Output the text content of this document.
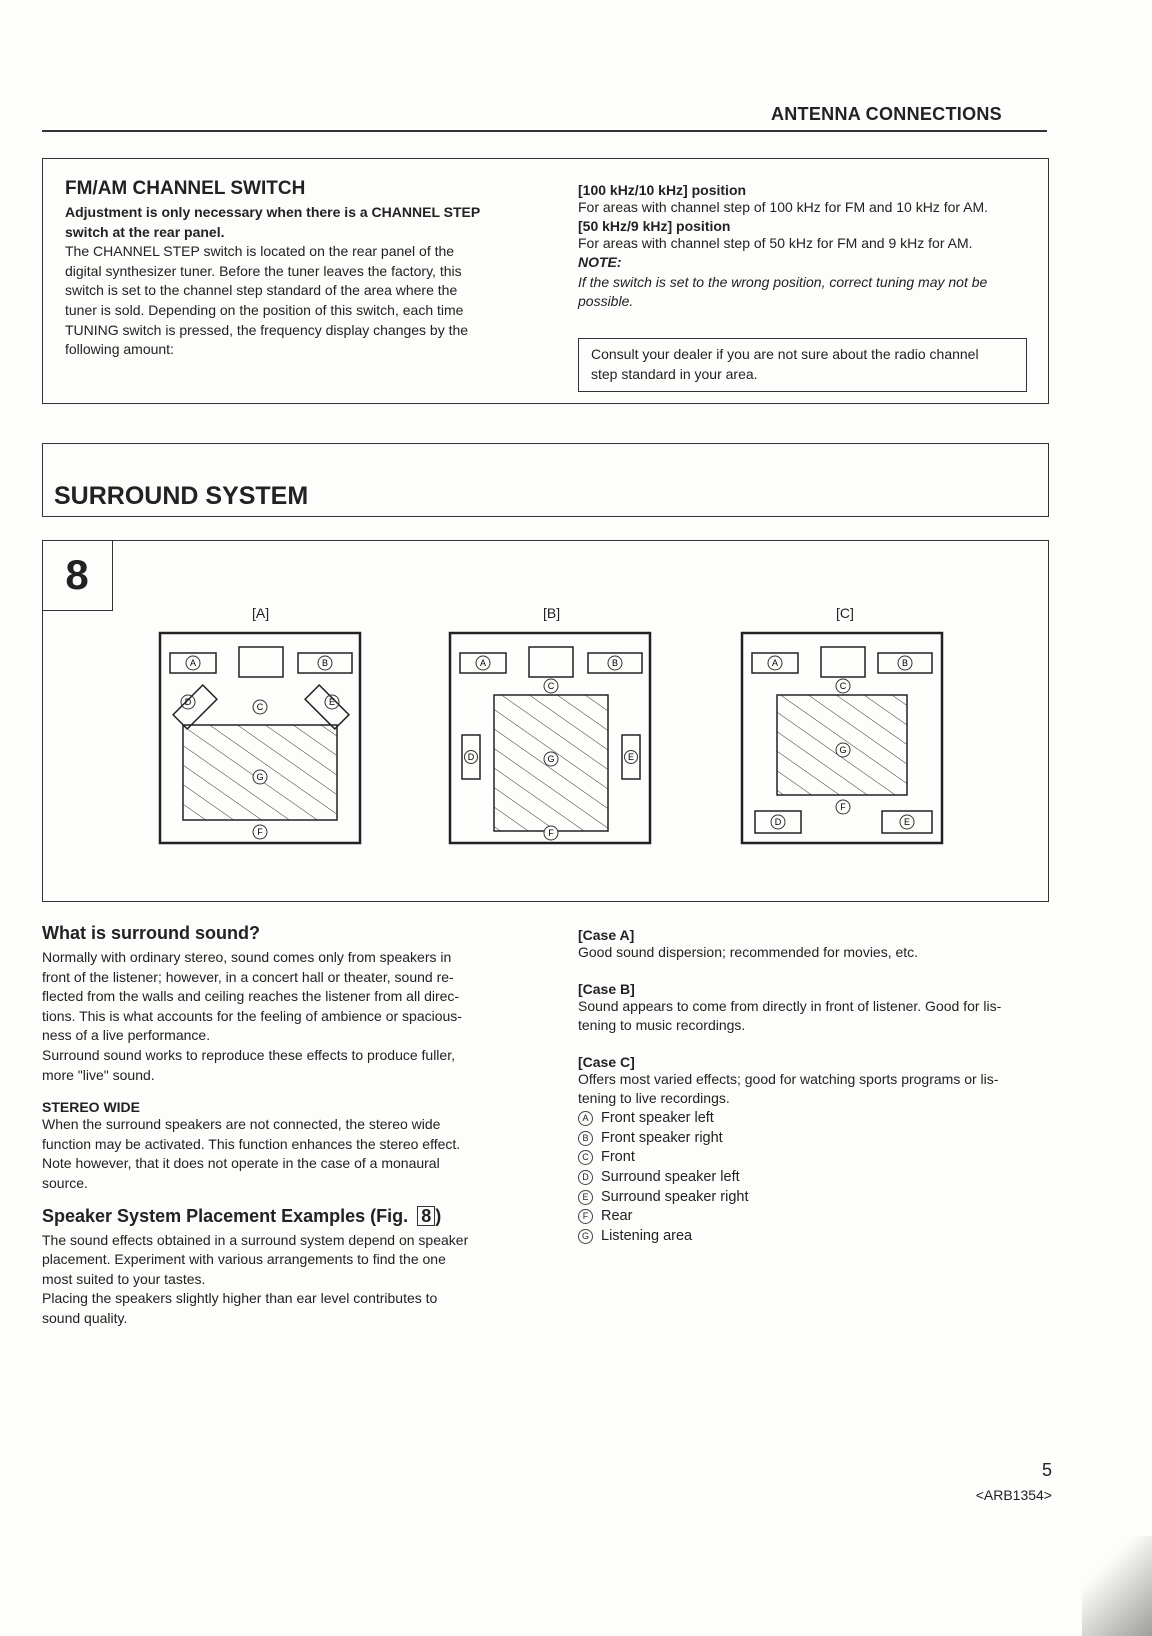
ANTENNA CONNECTIONS
FM/AM CHANNEL SWITCH
Adjustment is only necessary when there is a CHANNEL STEP
switch at the rear panel.
The CHANNEL STEP switch is located on the rear panel of the
digital synthesizer tuner. Before the tuner leaves the factory, this
switch is set to the channel step standard of the area where the
tuner is sold. Depending on the position of this switch, each time
TUNING switch is pressed, the frequency display changes by the
following amount:
[100 kHz/10 kHz] position
For areas with channel step of 100 kHz for FM and 10 kHz for AM.
[50 kHz/9 kHz] position
For areas with channel step of 50 kHz for FM and 9 kHz for AM.
NOTE:
If the switch is set to the wrong position, correct tuning may not be
possible.
Consult your dealer if you are not sure about the radio channel
step standard in your area.
SURROUND SYSTEM
8
[A]	[B]	[C]
A	B
D	E
C
G
F
A	B
C
D	E
G
F
A	B
C
G
F
D	E
What is surround sound?
Normally with ordinary stereo, sound comes only from speakers in
front of the listener; however, in a concert hall or theater, sound re-
flected from the walls and ceiling reaches the listener from all direc-
tions. This is what accounts for the feeling of ambience or spacious-
ness of a live performance.
Surround sound works to reproduce these effects to produce fuller,
more "live" sound.
STEREO WIDE
When the surround speakers are not connected, the stereo wide
function may be activated. This function enhances the stereo effect.
Note however, that it does not operate in the case of a monaural
source.
Speaker System Placement Examples (Fig. 8 )
The sound effects obtained in a surround system depend on speaker
placement. Experiment with various arrangements to find the one
most suited to your tastes.
Placing the speakers slightly higher than ear level contributes to
sound quality.
[Case A]
Good sound dispersion; recommended for movies, etc.
[Case B]
Sound appears to come from directly in front of listener. Good for lis-
tening to music recordings.
[Case C]
Offers most varied effects; good for watching sports programs or lis-
tening to live recordings.
A Front speaker left
B Front speaker right
C Front
D Surround speaker left
E Surround speaker right
F Rear
G Listening area
5
<ARB1354>
